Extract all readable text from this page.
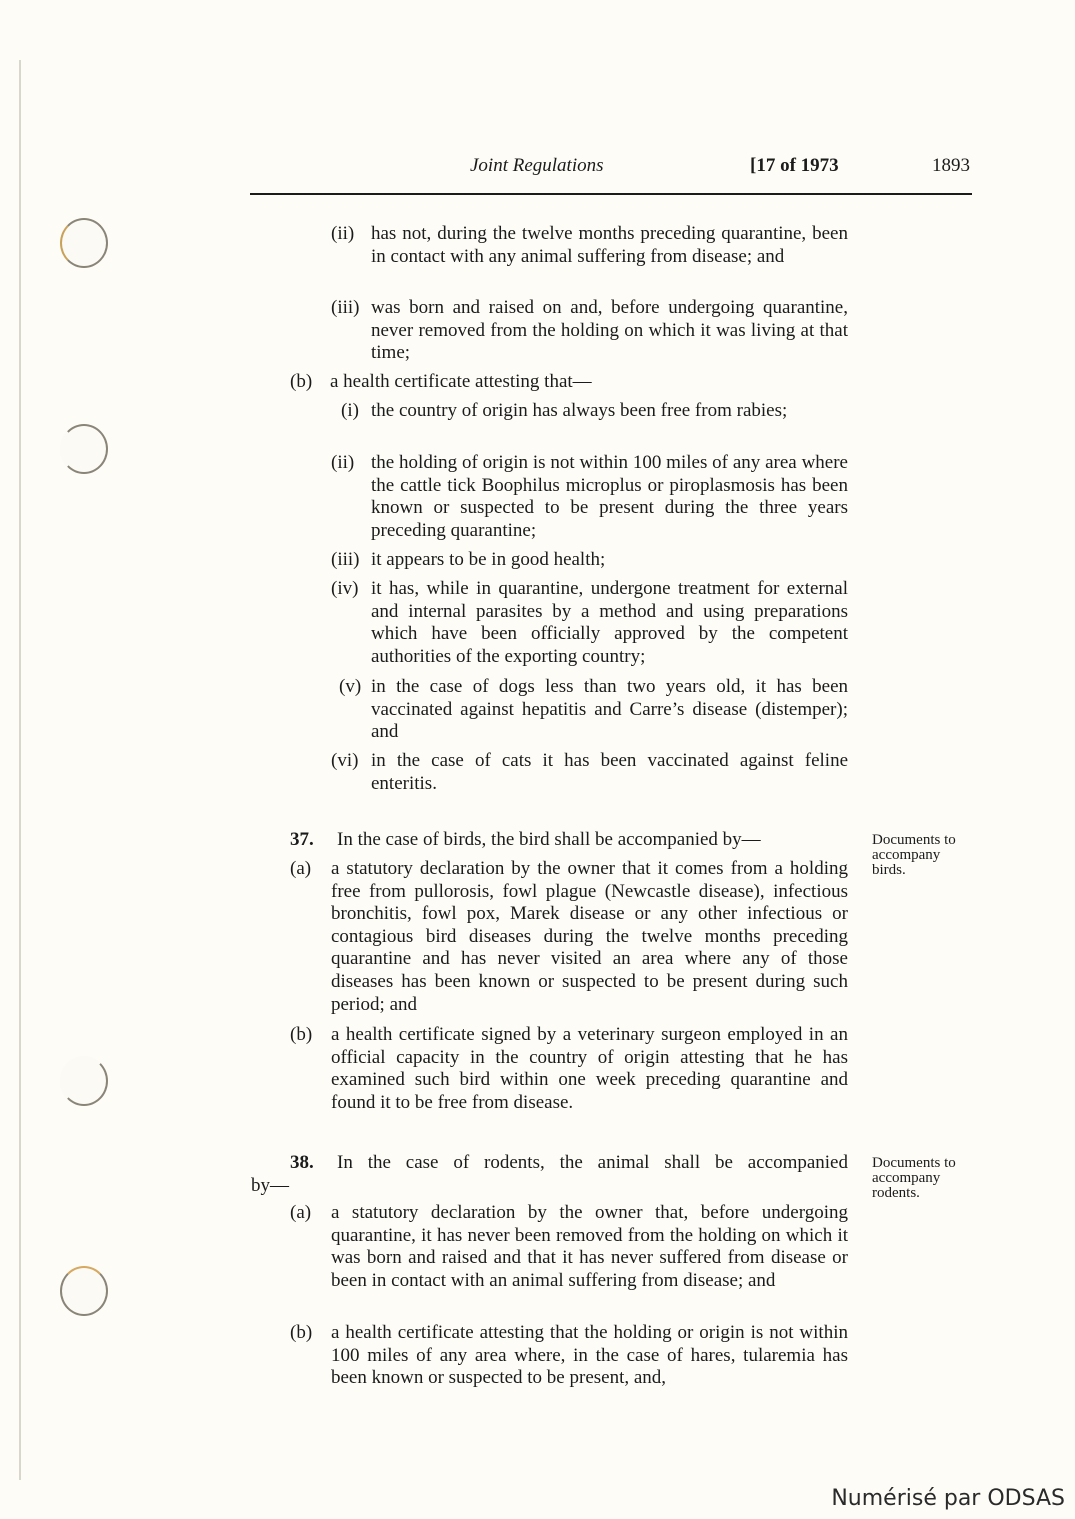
Joint Regulations	[17 of 1973	1893
(ii) has not, during the twelve months preceding quarantine, been in contact with any animal suffering from disease; and
(iii) was born and raised on and, before undergoing quarantine, never removed from the holding on which it was living at that time;
(b) a health certificate attesting that—
(i) the country of origin has always been free from rabies;
(ii) the holding of origin is not within 100 miles of any area where the cattle tick Boophilus microplus or piroplasmosis has been known or suspected to be present during the three years preceding quarantine;
(iii) it appears to be in good health;
(iv) it has, while in quarantine, undergone treatment for external and internal parasites by a method and using preparations which have been officially approved by the competent authorities of the exporting country;
(v) in the case of dogs less than two years old, it has been vaccinated against hepatitis and Carre’s disease (distemper); and
(vi) in the case of cats it has been vaccinated against feline enteritis.
37.	In the case of birds, the bird shall be accompanied by—	Documents to accompany birds.
(a)	a statutory declaration by the owner that it comes from a holding free from pullorosis, fowl plague (Newcastle disease), infectious bronchitis, fowl pox, Marek disease or any other infectious or contagious bird diseases during the twelve months preceding quarantine and has never visited an area where any of those diseases has been known or suspected to be present during such period; and
(b) a health certificate signed by a veterinary surgeon employed in an official capacity in the country of origin attesting that he has examined such bird within one week preceding quarantine and found it to be free from disease.
38.	In the case of rodents, the animal shall be accompanied
by—
Documents to accompany rodents.
(a)	a statutory declaration by the owner that, before undergoing quarantine, it has never been removed from the holding on which it was born and raised and that it has never suffered from disease or been in contact with an animal suffering from disease; and
(b) a health certificate attesting that the holding or origin is not within 100 miles of any area where, in the case of hares, tularemia has been known or suspected to be present, and,
Numérisé par ODSAS
